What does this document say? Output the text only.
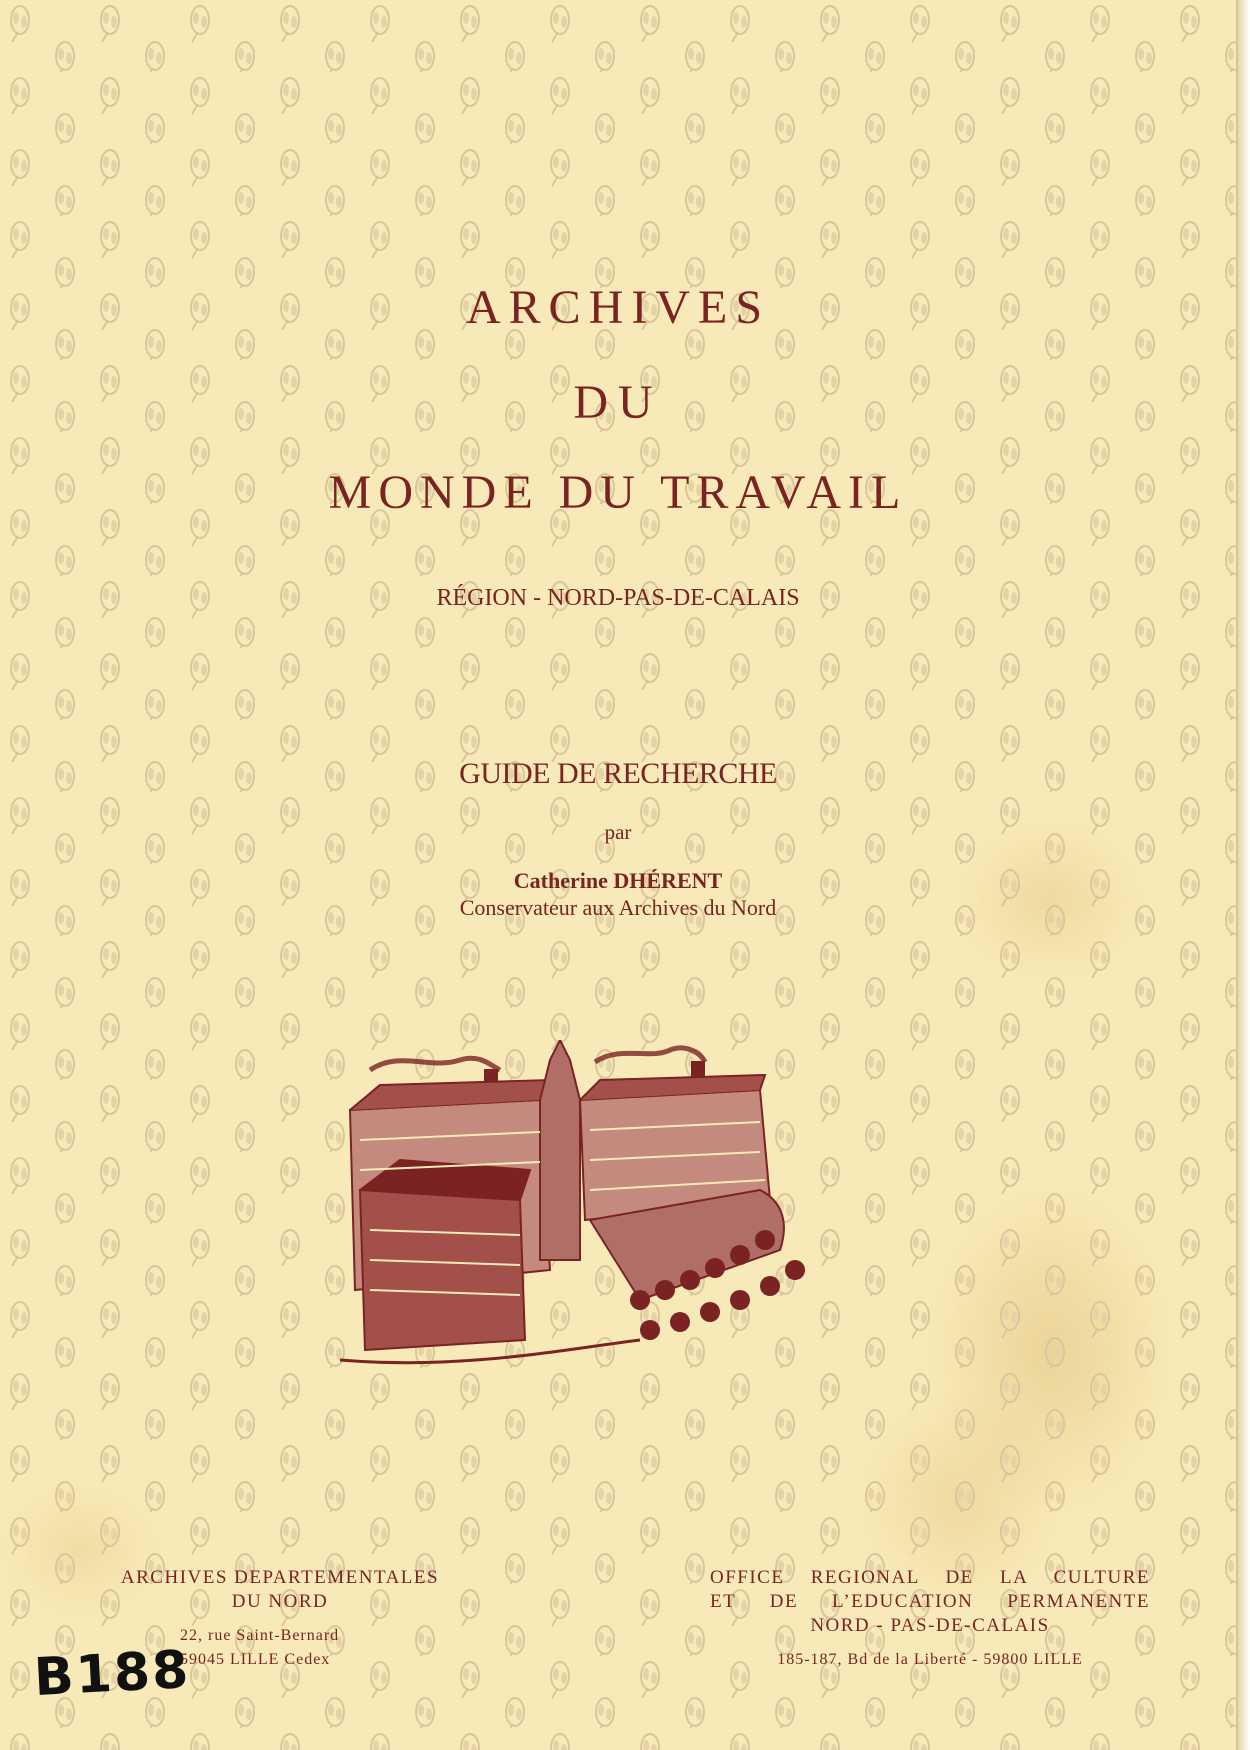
ARCHIVES
DU
MONDE DU TRAVAIL
RÉGION - NORD-PAS-DE-CALAIS
GUIDE DE RECHERCHE
par
Catherine DHÉRENT
Conservateur aux Archives du Nord
ARCHIVES DEPARTEMENTALES
DU NORD
22, rue Saint-Bernard
59045 LILLE Cedex
OFFICE REGIONAL DE LA CULTURE
ET DE L’EDUCATION PERMANENTE
NORD - PAS-DE-CALAIS
185-187, Bd de la Liberté - 59800 LILLE
B188
